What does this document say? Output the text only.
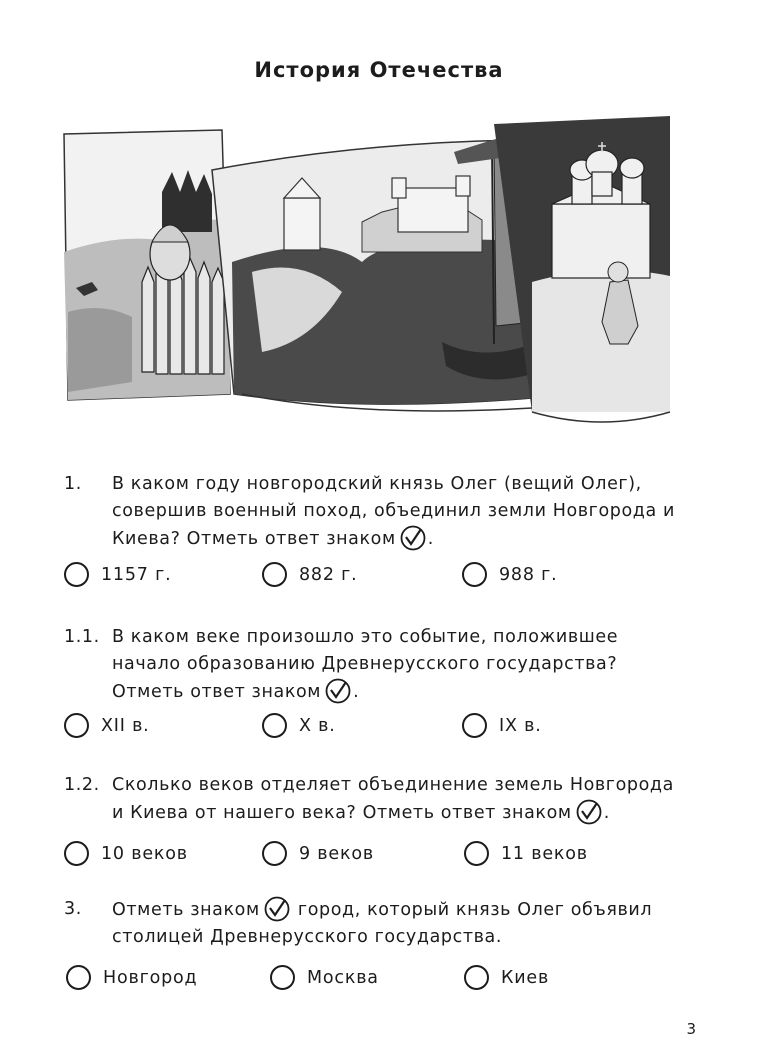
История Отечества
1. В каком году новгородский князь Олег (вещий Олег), совершив военный поход, объединил земли Новгорода и Киева? Отметь ответ знаком .
1157 г.	882 г.	988 г.
1.1. В каком веке произошло это событие, положившее начало образованию Древнерусского государства? Отметь ответ знаком .
XII в.	X в.	IX в.
1.2. Сколько веков отделяет объединение земель Новгорода и Киева от нашего века? Отметь ответ знаком .
10 веков	9 веков	11 веков
3. Отметь знаком город, который князь Олег объявил столицей Древнерусского государства.
Новгород	Москва	Киев
3
